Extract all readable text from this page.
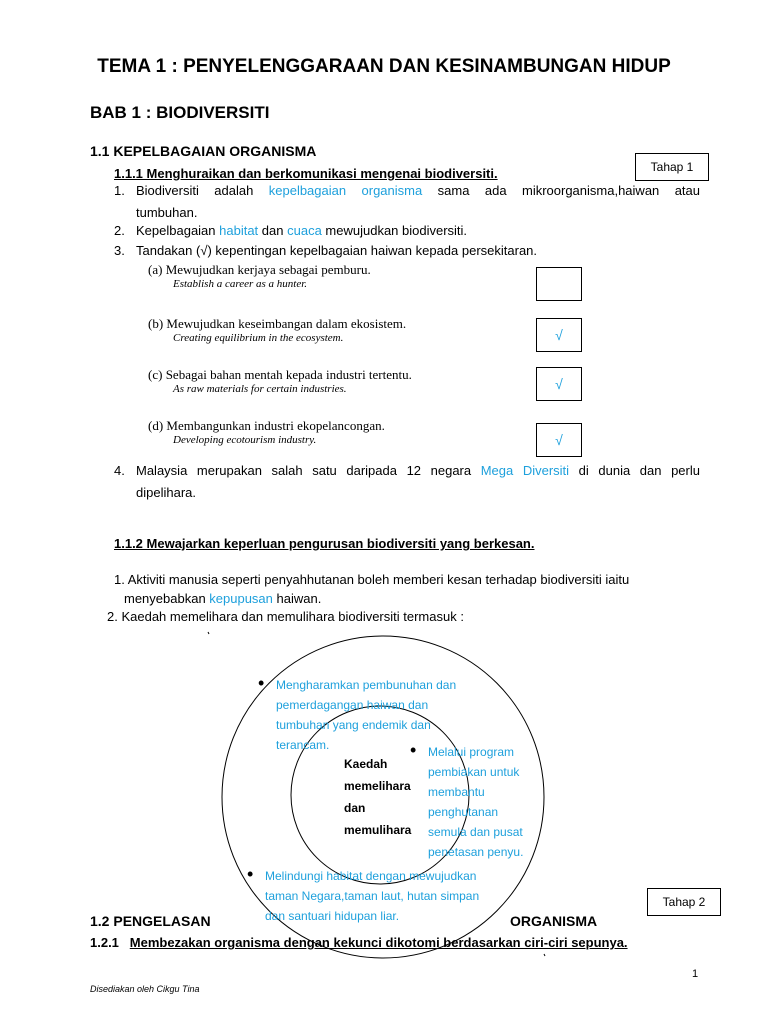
TEMA 1 : PENYELENGGARAAN DAN KESINAMBUNGAN HIDUP
BAB 1 : BIODIVERSITI
1.1 KEPELBAGAIAN ORGANISMA
Tahap 1
1.1.1 Menghuraikan dan berkomunikasi mengenai biodiversiti.
1. Biodiversiti adalah kepelbagaian organisma sama ada mikroorganisma,haiwan atau
tumbuhan.
2. Kepelbagaian habitat dan cuaca mewujudkan biodiversiti.
3. Tandakan (√) kepentingan kepelbagaian haiwan kepada persekitaran.
(a) Mewujudkan kerjaya sebagai pemburu.
Establish a career as a hunter.
(b) Mewujudkan keseimbangan dalam ekosistem.
Creating equilibrium in the ecosystem.	√
(c) Sebagai bahan mentah kepada industri tertentu.
As raw materials for certain industries.	√
(d) Membangunkan industri ekopelancongan.
Developing ecotourism industry.	√
4. Malaysia merupakan salah satu daripada 12 negara Mega Diversiti di dunia dan perlu
dipelihara.
1.1.2 Mewajarkan keperluan pengurusan biodiversiti yang berkesan.
1. Aktiviti manusia seperti penyahhutanan boleh memberi kesan terhadap biodiversiti iaitu
menyebabkan kepupusan haiwan.
2. Kaedah memelihara dan memulihara biodiversiti termasuk :
Kaedah
memelihara
dan
memulihara
• Mengharamkan pembunuhan dan pemerdagangan haiwan dan tumbuhan yang endemik dan terancam.	• Melalui program pembiakan untuk membantu penghutanan semula dan pusat penetasan penyu.
• Melindungi habitat dengan mewujudkan taman Negara,taman laut, hutan simpan dan santuari hidupan liar.
Tahap 2
1.2 PENGELASAN	ORGANISMA
1.2.1 Membezakan organisma dengan kekunci dikotomi berdasarkan ciri-ciri sepunya.
1
Disediakan oleh Cikgu Tina
